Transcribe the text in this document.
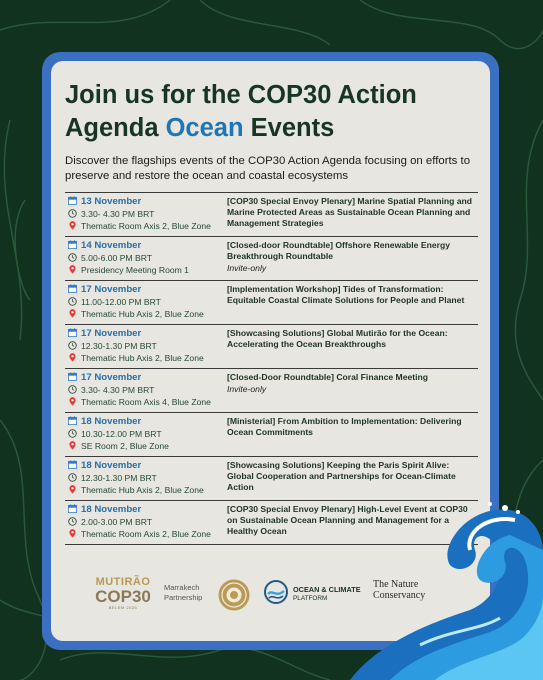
Join us for the COP30 Action
Agenda Ocean Events
Discover the flagships events of the COP30 Action Agenda focusing on efforts to preserve and restore the ocean and coastal ecosystems
13 November
3.30- 4.30 PM BRT
Thematic Room Axis 2, Blue Zone
[COP30 Special Envoy Plenary] Marine Spatial Planning and Marine Protected Areas as Sustainable Ocean Planning and Management Strategies
14 November
5.00-6.00 PM BRT
Presidency Meeting Room 1
[Closed-door Roundtable] Offshore Renewable Energy Breakthrough Roundtable
Invite-only
17 November
11.00-12.00 PM BRT
Thematic Hub Axis 2, Blue Zone
[Implementation Workshop] Tides of Transformation: Equitable Coastal Climate Solutions for People and Planet
17 November
12.30-1.30 PM BRT
Thematic Hub Axis 2, Blue Zone
[Showcasing Solutions] Global Mutirão for the Ocean: Accelerating the Ocean Breakthroughs
17 November
3.30- 4.30 PM BRT
Thematic Room Axis 4, Blue Zone
[Closed-Door Roundtable] Coral Finance Meeting
Invite-only
18 November
10.30-12.00 PM BRT
SE Room 2, Blue Zone
[Ministerial] From Ambition to Implementation: Delivering Ocean Commitments
18 November
12.30-1.30 PM BRT
Thematic Hub Axis 2, Blue Zone
[Showcasing Solutions] Keeping the Paris Spirit Alive: Global Cooperation and Partnerships for Ocean-Climate Action
18 November
2.00-3.00 PM BRT
Thematic Room Axis 2, Blue Zone
[COP30 Special Envoy Plenary] High-Level Event at COP30 on Sustainable Ocean Planning and Management for a Healthy Ocean
MUTIRÃO
COP30
BELÉM 2025
Marrakech
Partnership
OCEAN & CLIMATE
PLATFORM
The Nature
Conservancy
